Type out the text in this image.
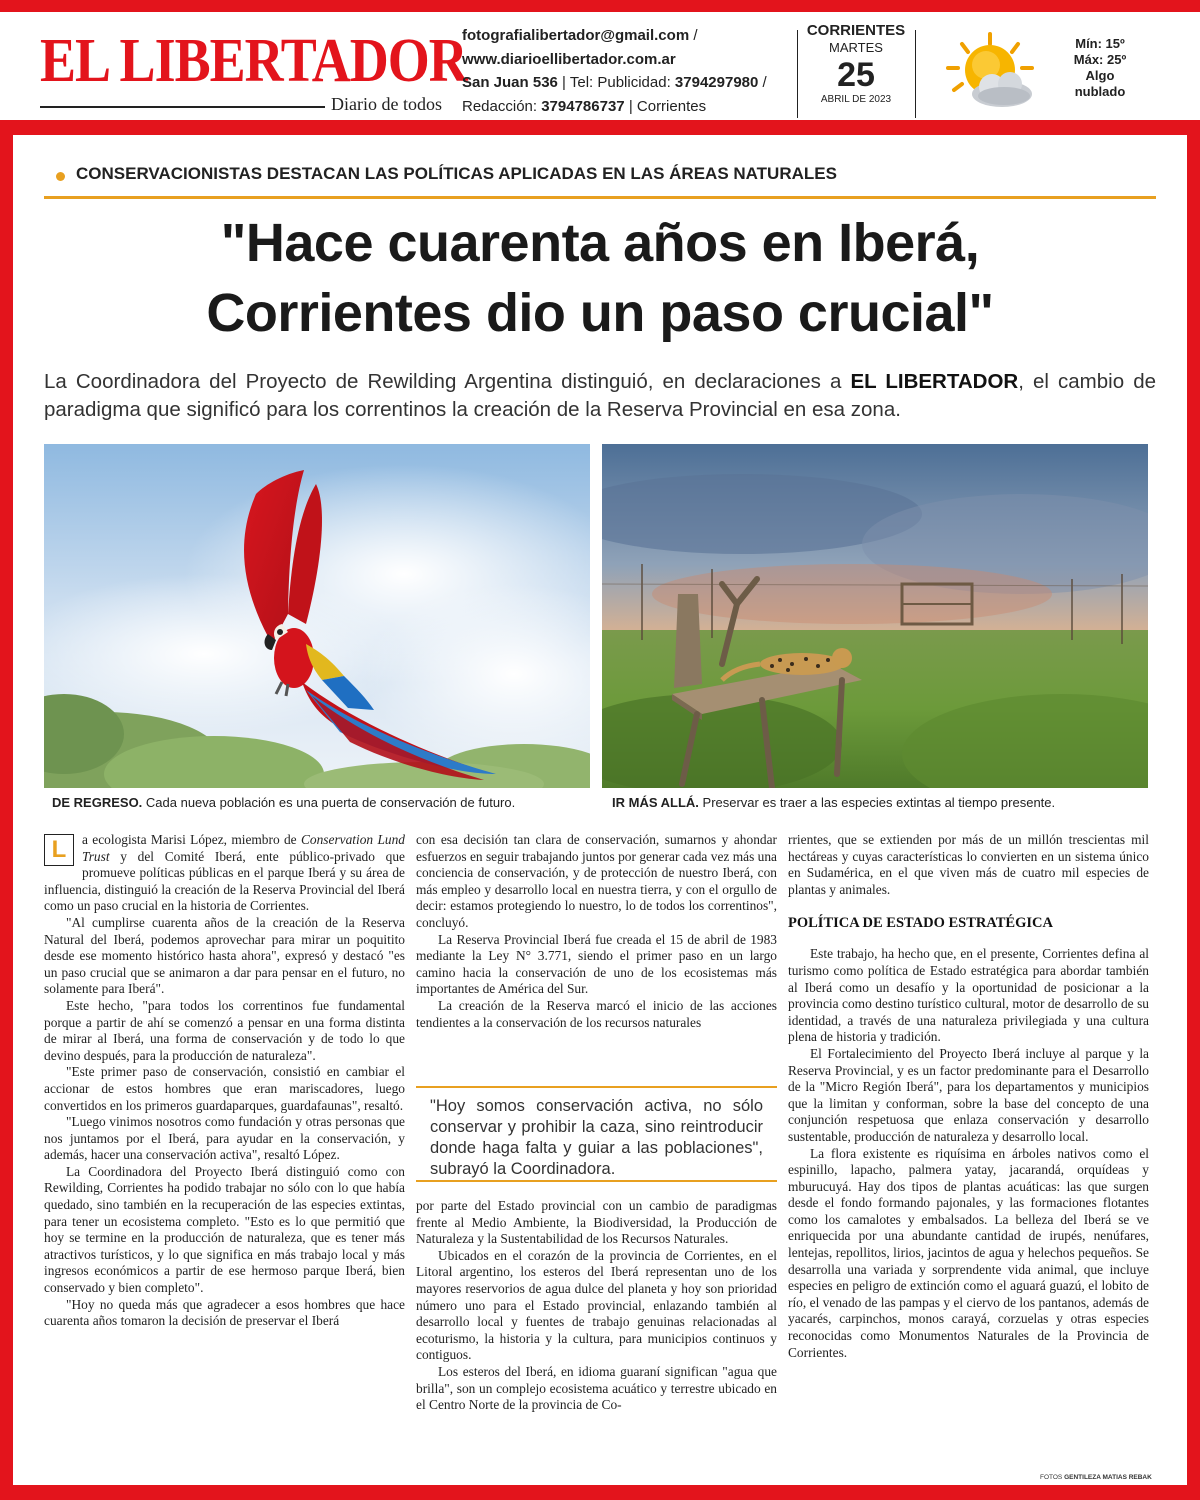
EL LIBERTADOR
Diario de todos
fotografialibertador@gmail.com /
www.diarioellibertador.com.ar
San Juan 536 | Tel: Publicidad: 3794297980 /
Redacción: 3794786737 | Corrientes
CORRIENTES
MARTES
25
ABRIL DE 2023
Mín: 15º
Máx: 25º
Algo
nublado
CONSERVACIONISTAS DESTACAN LAS POLÍTICAS APLICADAS EN LAS ÁREAS NATURALES
"Hace cuarenta años en Iberá,
Corrientes dio un paso crucial"
La Coordinadora del Proyecto de Rewilding Argentina distinguió, en declaraciones a EL LIBERTADOR, el cambio de paradigma que significó para los correntinos la creación de la Reserva Provincial en esa zona.
DE REGRESO. Cada nueva población es una puerta de conservación de futuro.	IR MÁS ALLÁ. Preservar es traer a las especies extintas al tiempo presente.

L	a ecologista Marisi López, miembro de Conservation Lund Trust y del Comité Iberá, ente público-privado que promueve políticas públicas en el parque Iberá y su área de influencia, distinguió la creación de la Reserva Provincial del Iberá como un paso crucial en la historia de Corrientes.

"Al cumplirse cuarenta años de la creación de la Reserva Natural del Iberá, podemos aprovechar para mirar un poquitito desde ese momento histórico hasta ahora", expresó y destacó "es un paso crucial que se animaron a dar para pensar en el futuro, no solamente para Iberá".

Este hecho, "para todos los correntinos fue fundamental porque a partir de ahí se comenzó a pensar en una forma distinta de mirar al Iberá, una forma de conservación y de todo lo que devino después, para la producción de naturaleza".

"Este primer paso de conservación, consistió en cambiar el accionar de estos hombres que eran mariscadores, luego convertidos en los primeros guardaparques, guardafaunas", resaltó.

"Luego vinimos nosotros como fundación y otras personas que nos juntamos por el Iberá, para ayudar en la conservación, y además, hacer una conservación activa", resaltó López.

La Coordinadora del Proyecto Iberá distinguió como con Rewilding, Corrientes ha podido trabajar no sólo con lo que había quedado, sino también en la recuperación de las especies extintas, para tener un ecosistema completo. "Esto es lo que permitió que hoy se termine en la producción de naturaleza, que es tener más atractivos turísticos, y lo que significa en más trabajo local y más ingresos económicos a partir de ese hermoso parque Iberá, bien conservado y bien completo".

"Hoy no queda más que agradecer a esos hombres que hace cuarenta años tomaron la decisión de preservar el Iberá

con esa decisión tan clara de conservación, sumarnos y ahondar esfuerzos en seguir trabajando juntos por generar cada vez más una conciencia de conservación, y de protección de nuestro Iberá, con más empleo y desarrollo local en nuestra tierra, y con el orgullo de decir: estamos protegiendo lo nuestro, lo de todos los correntinos", concluyó.

La Reserva Provincial Iberá fue creada el 15 de abril de 1983 mediante la Ley N° 3.771, siendo el primer paso en un largo camino hacia la conservación de uno de los ecosistemas más importantes de América del Sur.

La creación de la Reserva marcó el inicio de las acciones tendientes a la conservación de los recursos naturales

"Hoy somos conservación activa, no sólo conservar y prohibir la caza, sino reintroducir donde haga falta y guiar a las poblaciones", subrayó la Coordinadora.

por parte del Estado provincial con un cambio de paradigmas frente al Medio Ambiente, la Biodiversidad, la Producción de Naturaleza y la Sustentabilidad de los Recursos Naturales.

Ubicados en el corazón de la provincia de Corrientes, en el Litoral argentino, los esteros del Iberá representan uno de los mayores reservorios de agua dulce del planeta y hoy son prioridad número uno para el Estado provincial, enlazando también al desarrollo local y fuentes de trabajo genuinas relacionadas al ecoturismo, la historia y la cultura, para municipios continuos y contiguos.

Los esteros del Iberá, en idioma guaraní significan "agua que brilla", son un complejo ecosistema acuático y terrestre ubicado en el Centro Norte de la provincia de Co-

rrientes, que se extienden por más de un millón trescientas mil hectáreas y cuyas características lo convierten en un sistema único en Sudamérica, en el que viven más de cuatro mil especies de plantas y animales.

POLÍTICA DE ESTADO ESTRATÉGICA

Este trabajo, ha hecho que, en el presente, Corrientes defina al turismo como política de Estado estratégica para abordar también al Iberá como un desafío y la oportunidad de posicionar a la provincia como destino turístico cultural, motor de desarrollo de su identidad, a través de una naturaleza privilegiada y una cultura plena de historia y tradición.

El Fortalecimiento del Proyecto Iberá incluye al parque y la Reserva Provincial, y es un factor predominante para el Desarrollo de la "Micro Región Iberá", para los departamentos y municipios que la limitan y conforman, sobre la base del concepto de una conjunción respetuosa que enlaza conservación y desarrollo sustentable, producción de naturaleza y desarrollo local.

La flora existente es riquísima en árboles nativos como el espinillo, lapacho, palmera yatay, jacarandá, orquídeas y mburucuyá. Hay dos tipos de plantas acuáticas: las que surgen desde el fondo formando pajonales, y las formaciones flotantes como los camalotes y embalsados. La belleza del Iberá se ve enriquecida por una abundante cantidad de irupés, nenúfares, lentejas, repollitos, lirios, jacintos de agua y helechos pequeños. Se desarrolla una variada y sorprendente vida animal, que incluye especies en peligro de extinción como el aguará guazú, el lobito de río, el venado de las pampas y el ciervo de los pantanos, además de yacarés, carpinchos, monos carayá, corzuelas y otras especies reconocidas como Monumentos Naturales de la Provincia de Corrientes.

FOTOS GENTILEZA MATIAS REBAK
